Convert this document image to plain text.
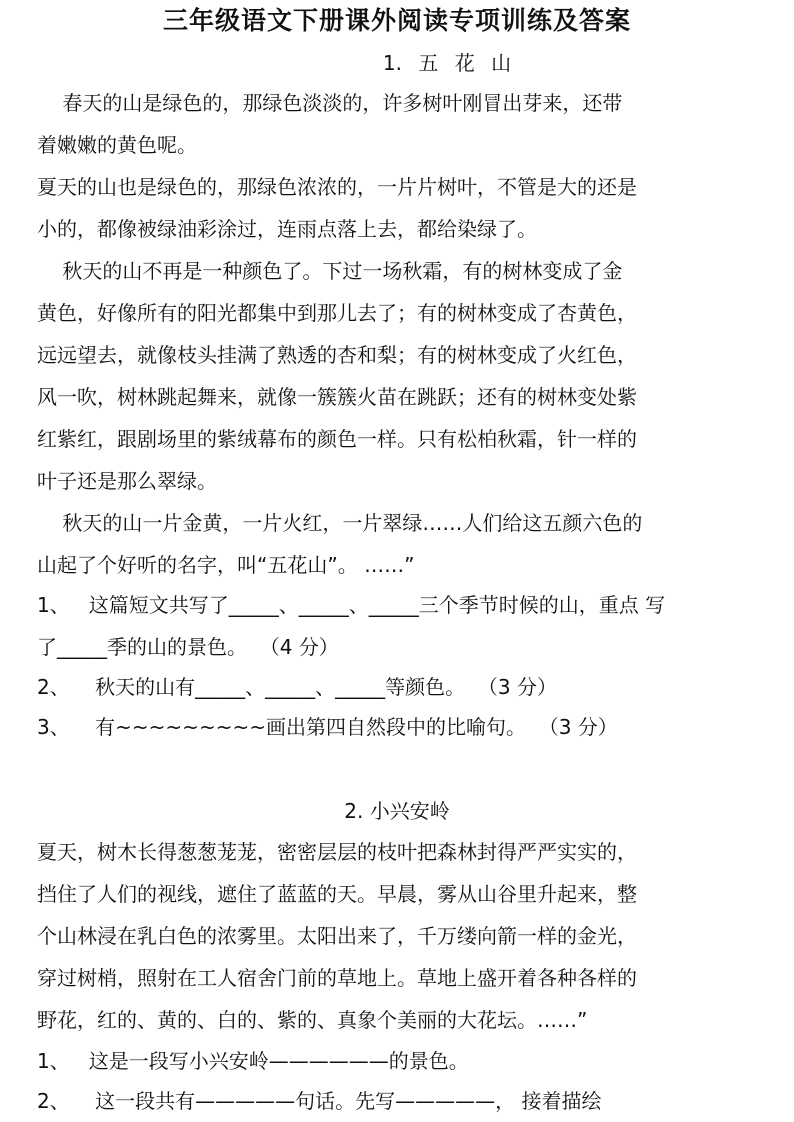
三年级语文下册课外阅读专项训练及答案
1. 五 花 山
春天的山是绿色的，那绿色淡淡的，许多树叶刚冒出芽来，还带
着嫩嫩的黄色呢。
夏天的山也是绿色的，那绿色浓浓的，一片片树叶，不管是大的还是
小的，都像被绿油彩涂过，连雨点落上去，都给染绿了。
秋天的山不再是一种颜色了。下过一场秋霜，有的树林变成了金
黄色，好像所有的阳光都集中到那儿去了；有的树林变成了杏黄色，
远远望去，就像枝头挂满了熟透的杏和梨；有的树林变成了火红色，
风一吹，树林跳起舞来，就像一簇簇火苗在跳跃；还有的树林变处紫
红紫红，跟剧场里的紫绒幕布的颜色一样。只有松柏秋霜，针一样的
叶子还是那么翠绿。
秋天的山一片金黄，一片火红，一片翠绿……人们给这五颜六色的
山起了个好听的名字，叫“五花山”。 ……”
1、   这篇短文共写了_____、_____、_____三个季节时候的山，重点 写
了_____季的山的景色。  （4 分）
2、    秋天的山有_____、_____、_____等颜色。  （3 分）
3、    有~~~~~~~~~画出第四自然段中的比喻句。  （3 分）
2. 小兴安岭
夏天，树木长得葱葱茏茏，密密层层的枝叶把森林封得严严实实的，
挡住了人们的视线，遮住了蓝蓝的天。早晨，雾从山谷里升起来，整
个山林浸在乳白色的浓雾里。太阳出来了，千万缕向箭一样的金光，
穿过树梢，照射在工人宿舍门前的草地上。草地上盛开着各种各样的
野花，红的、黄的、白的、紫的、真象个美丽的大花坛。……”
1、   这是一段写小兴安岭——————的景色。
2、    这一段共有—————句话。先写—————， 接着描绘
